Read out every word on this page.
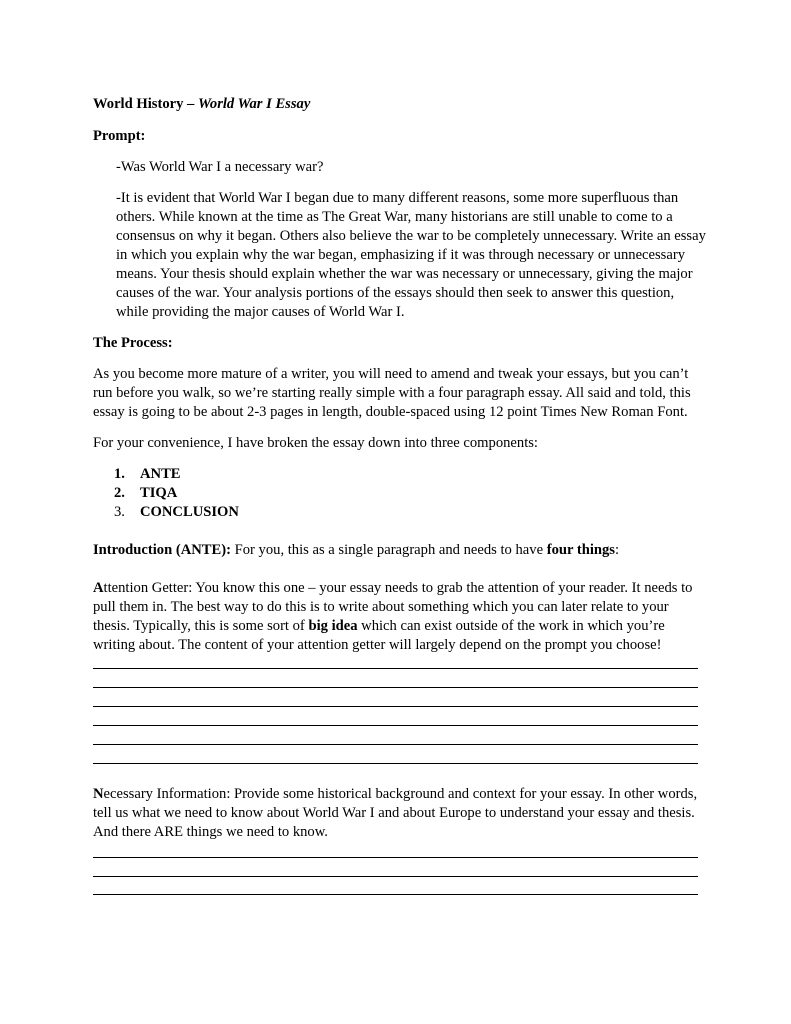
World History – World War I Essay

Prompt:

-Was World War I a necessary war?

-It is evident that World War I began due to many different reasons, some more superfluous than others. While known at the time as The Great War, many historians are still unable to come to a consensus on why it began. Others also believe the war to be completely unnecessary. Write an essay in which you explain why the war began, emphasizing if it was through necessary or unnecessary means. Your thesis should explain whether the war was necessary or unnecessary, giving the major causes of the war. Your analysis portions of the essays should then seek to answer this question, while providing the major causes of World War I.

The Process:

As you become more mature of a writer, you will need to amend and tweak your essays, but you can’t run before you walk, so we’re starting really simple with a four paragraph essay. All said and told, this essay is going to be about 2-3 pages in length, double-spaced using 12 point Times New Roman Font.

For your convenience, I have broken the essay down into three components:

1. ANTE
2. TIQA
3. CONCLUSION

Introduction (ANTE): For you, this as a single paragraph and needs to have four things:

Attention Getter: You know this one – your essay needs to grab the attention of your reader. It needs to pull them in. The best way to do this is to write about something which you can later relate to your thesis. Typically, this is some sort of big idea which can exist outside of the work in which you’re writing about. The content of your attention getter will largely depend on the prompt you choose!

Necessary Information: Provide some historical background and context for your essay. In other words, tell us what we need to know about World War I and about Europe to understand your essay and thesis. And there ARE things we need to know.
